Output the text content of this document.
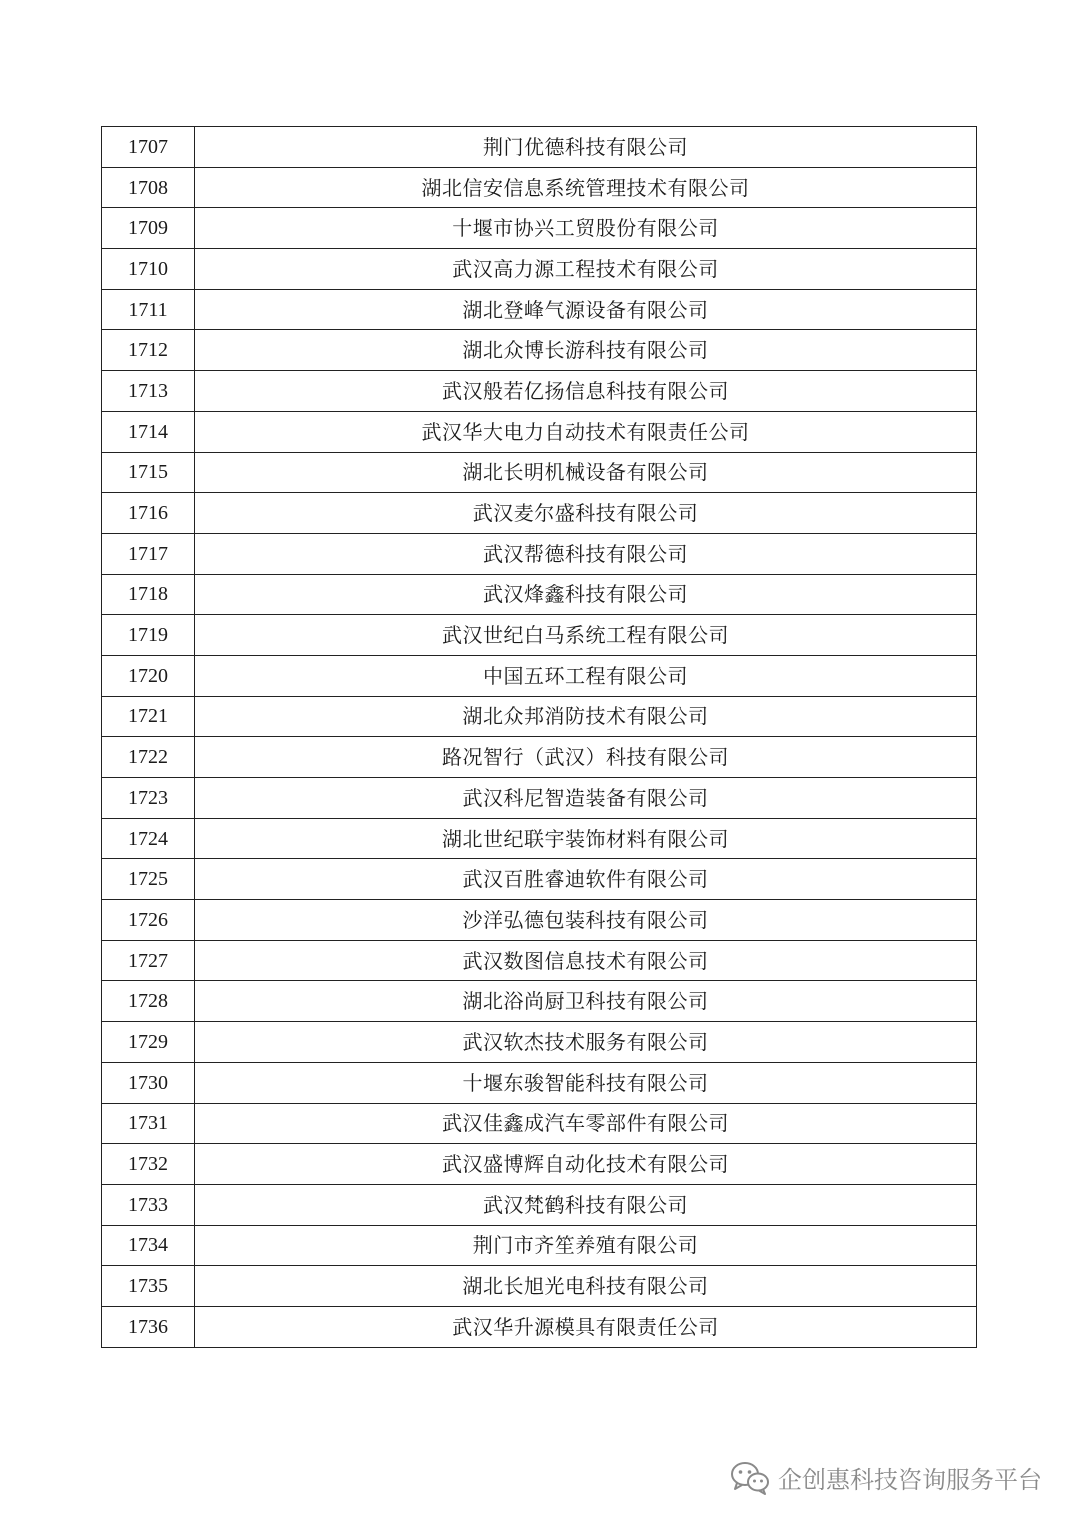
1707	荆门优德科技有限公司
1708	湖北信安信息系统管理技术有限公司
1709	十堰市协兴工贸股份有限公司
1710	武汉高力源工程技术有限公司
1711	湖北登峰气源设备有限公司
1712	湖北众博长游科技有限公司
1713	武汉般若亿扬信息科技有限公司
1714	武汉华大电力自动技术有限责任公司
1715	湖北长明机械设备有限公司
1716	武汉麦尔盛科技有限公司
1717	武汉帮德科技有限公司
1718	武汉烽鑫科技有限公司
1719	武汉世纪白马系统工程有限公司
1720	中国五环工程有限公司
1721	湖北众邦消防技术有限公司
1722	路况智行（武汉）科技有限公司
1723	武汉科尼智造装备有限公司
1724	湖北世纪联宇装饰材料有限公司
1725	武汉百胜睿迪软件有限公司
1726	沙洋弘德包装科技有限公司
1727	武汉数图信息技术有限公司
1728	湖北浴尚厨卫科技有限公司
1729	武汉软杰技术服务有限公司
1730	十堰东骏智能科技有限公司
1731	武汉佳鑫成汽车零部件有限公司
1732	武汉盛博辉自动化技术有限公司
1733	武汉梵鹤科技有限公司
1734	荆门市齐笙养殖有限公司
1735	湖北长旭光电科技有限公司
1736	武汉华升源模具有限责任公司
企创惠科技咨询服务平台
